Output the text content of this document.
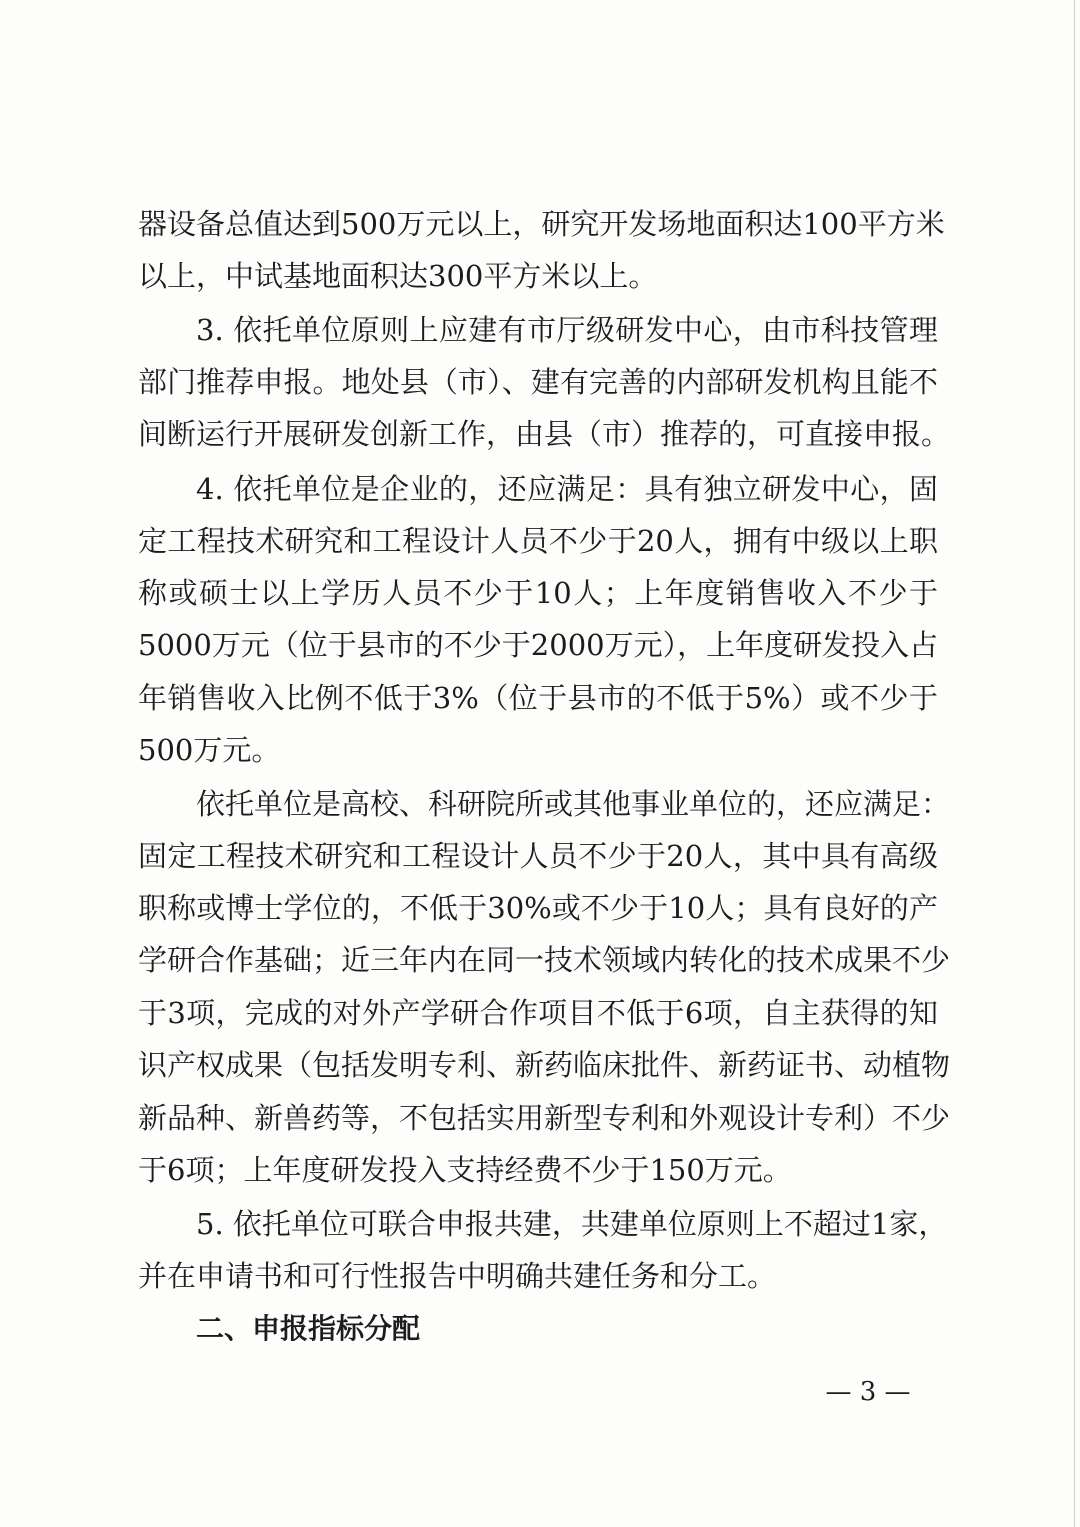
器设备总值达到500万元以上，研究开发场地面积达100平方米
以上，中试基地面积达300平方米以上。
3. 依托单位原则上应建有市厅级研发中心，由市科技管理
部门推荐申报。地处县（市）、建有完善的内部研发机构且能不
间断运行开展研发创新工作，由县（市）推荐的，可直接申报。
4. 依托单位是企业的，还应满足：具有独立研发中心，固
定工程技术研究和工程设计人员不少于20人，拥有中级以上职
称或硕士以上学历人员不少于10人；上年度销售收入不少于
5000万元（位于县市的不少于2000万元），上年度研发投入占
年销售收入比例不低于3%（位于县市的不低于5%）或不少于
500万元。
依托单位是高校、科研院所或其他事业单位的，还应满足：
固定工程技术研究和工程设计人员不少于20人，其中具有高级
职称或博士学位的，不低于30%或不少于10人；具有良好的产
学研合作基础；近三年内在同一技术领域内转化的技术成果不少
于3项，完成的对外产学研合作项目不低于6项，自主获得的知
识产权成果（包括发明专利、新药临床批件、新药证书、动植物
新品种、新兽药等，不包括实用新型专利和外观设计专利）不少
于6项；上年度研发投入支持经费不少于150万元。
5. 依托单位可联合申报共建，共建单位原则上不超过1家，
并在申请书和可行性报告中明确共建任务和分工。
二、申报指标分配
— 3 —
